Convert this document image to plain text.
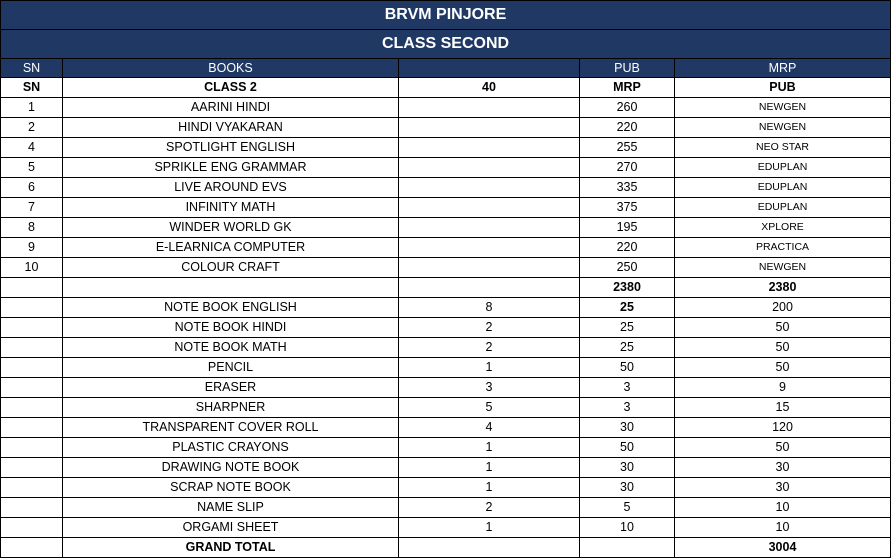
BRVM PINJORE				
CLASS SECOND				
SN	BOOKS		PUB	MRP
SN	CLASS 2	40	MRP	PUB
1	AARINI HINDI		260	NEWGEN
2	HINDI VYAKARAN		220	NEWGEN
4	SPOTLIGHT ENGLISH		255	NEO STAR
5	SPRIKLE ENG GRAMMAR		270	EDUPLAN
6	LIVE AROUND EVS		335	EDUPLAN
7	INFINITY MATH		375	EDUPLAN
8	WINDER WORLD GK		195	XPLORE
9	E-LEARNICA COMPUTER		220	PRACTICA
10	COLOUR CRAFT		250	NEWGEN
			2380	2380
	NOTE BOOK ENGLISH	8	25	200
	NOTE BOOK HINDI	2	25	50
	NOTE BOOK MATH	2	25	50
	PENCIL	1	50	50
	ERASER	3	3	9
	SHARPNER	5	3	15
	TRANSPARENT COVER ROLL	4	30	120
	PLASTIC CRAYONS	1	50	50
	DRAWING NOTE BOOK	1	30	30
	SCRAP NOTE BOOK	1	30	30
	NAME SLIP	2	5	10
	ORGAMI SHEET	1	10	10
	GRAND TOTAL			3004
